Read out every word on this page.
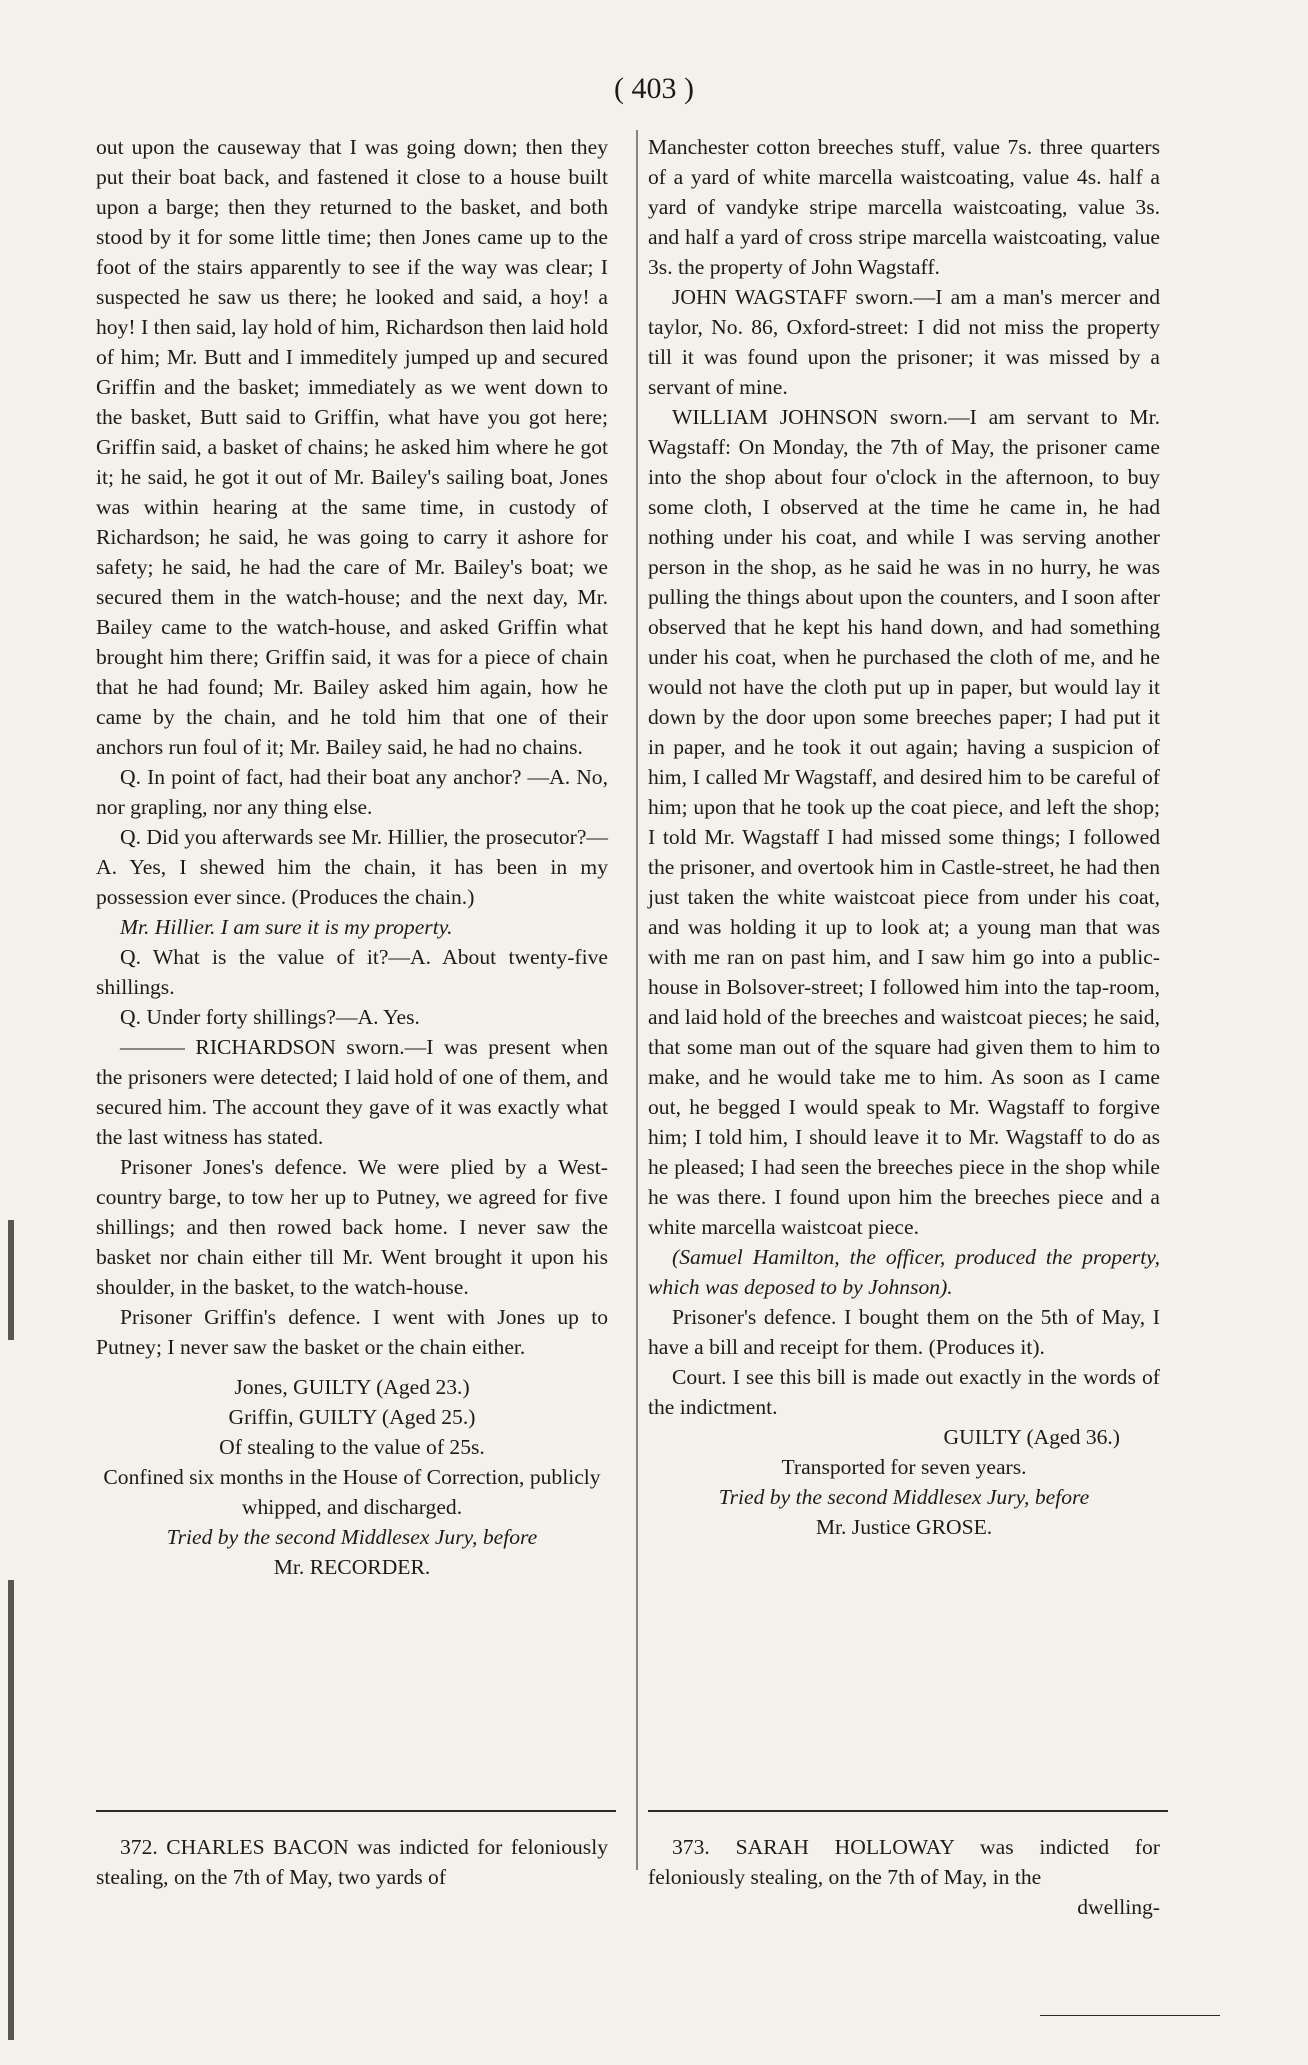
( 403 )

out upon the causeway that I was going down; then they put their boat back, and fastened it close to a house built upon a barge; then they returned to the basket, and both stood by it for some little time; then Jones came up to the foot of the stairs apparently to see if the way was clear; I suspected he saw us there; he looked and said, a hoy! a hoy! I then said, lay hold of him, Richardson then laid hold of him; Mr. Butt and I immeditely jumped up and secured Griffin and the basket; immediately as we went down to the basket, Butt said to Griffin, what have you got here; Griffin said, a basket of chains; he asked him where he got it; he said, he got it out of Mr. Bailey's sailing boat, Jones was within hearing at the same time, in custody of Richardson; he said, he was going to carry it ashore for safety; he said, he had the care of Mr. Bailey's boat; we secured them in the watch-house; and the next day, Mr. Bailey came to the watch-house, and asked Griffin what brought him there; Griffin said, it was for a piece of chain that he had found; Mr. Bailey asked him again, how he came by the chain, and he told him that one of their anchors run foul of it; Mr. Bailey said, he had no chains.

Q. In point of fact, had their boat any anchor? —A. No, nor grapling, nor any thing else.

Q. Did you afterwards see Mr. Hillier, the prosecutor?—A. Yes, I shewed him the chain, it has been in my possession ever since. (Produces the chain.)

Mr. Hillier. I am sure it is my property.

Q. What is the value of it?—A. About twenty-five shillings.

Q. Under forty shillings?—A. Yes.

——— RICHARDSON sworn.—I was present when the prisoners were detected; I laid hold of one of them, and secured him. The account they gave of it was exactly what the last witness has stated.

Prisoner Jones's defence. We were plied by a West-country barge, to tow her up to Putney, we agreed for five shillings; and then rowed back home. I never saw the basket nor chain either till Mr. Went brought it upon his shoulder, in the basket, to the watch-house.

Prisoner Griffin's defence. I went with Jones up to Putney; I never saw the basket or the chain either.

Jones, GUILTY (Aged 23.)

Griffin, GUILTY (Aged 25.)

Of stealing to the value of 25s.

Confined six months in the House of Correction, publicly whipped, and discharged.

Tried by the second Middlesex Jury, before

Mr. RECORDER.

Manchester cotton breeches stuff, value 7s. three quarters of a yard of white marcella waistcoating, value 4s. half a yard of vandyke stripe marcella waistcoating, value 3s. and half a yard of cross stripe marcella waistcoating, value 3s. the property of John Wagstaff.

JOHN WAGSTAFF sworn.—I am a man's mercer and taylor, No. 86, Oxford-street: I did not miss the property till it was found upon the prisoner; it was missed by a servant of mine.

WILLIAM JOHNSON sworn.—I am servant to Mr. Wagstaff: On Monday, the 7th of May, the prisoner came into the shop about four o'clock in the afternoon, to buy some cloth, I observed at the time he came in, he had nothing under his coat, and while I was serving another person in the shop, as he said he was in no hurry, he was pulling the things about upon the counters, and I soon after observed that he kept his hand down, and had something under his coat, when he purchased the cloth of me, and he would not have the cloth put up in paper, but would lay it down by the door upon some breeches paper; I had put it in paper, and he took it out again; having a suspicion of him, I called Mr Wagstaff, and desired him to be careful of him; upon that he took up the coat piece, and left the shop; I told Mr. Wagstaff I had missed some things; I followed the prisoner, and overtook him in Castle-street, he had then just taken the white waistcoat piece from under his coat, and was holding it up to look at; a young man that was with me ran on past him, and I saw him go into a public-house in Bolsover-street; I followed him into the tap-room, and laid hold of the breeches and waistcoat pieces; he said, that some man out of the square had given them to him to make, and he would take me to him. As soon as I came out, he begged I would speak to Mr. Wagstaff to forgive him; I told him, I should leave it to Mr. Wagstaff to do as he pleased; I had seen the breeches piece in the shop while he was there. I found upon him the breeches piece and a white marcella waistcoat piece.

(Samuel Hamilton, the officer, produced the property, which was deposed to by Johnson).

Prisoner's defence. I bought them on the 5th of May, I have a bill and receipt for them. (Produces it).

Court. I see this bill is made out exactly in the words of the indictment.

GUILTY (Aged 36.)

Transported for seven years.

Tried by the second Middlesex Jury, before

Mr. Justice GROSE.

372. CHARLES BACON was indicted for feloniously stealing, on the 7th of May, two yards of

373. SARAH HOLLOWAY was indicted for feloniously stealing, on the 7th of May, in the

dwelling-
